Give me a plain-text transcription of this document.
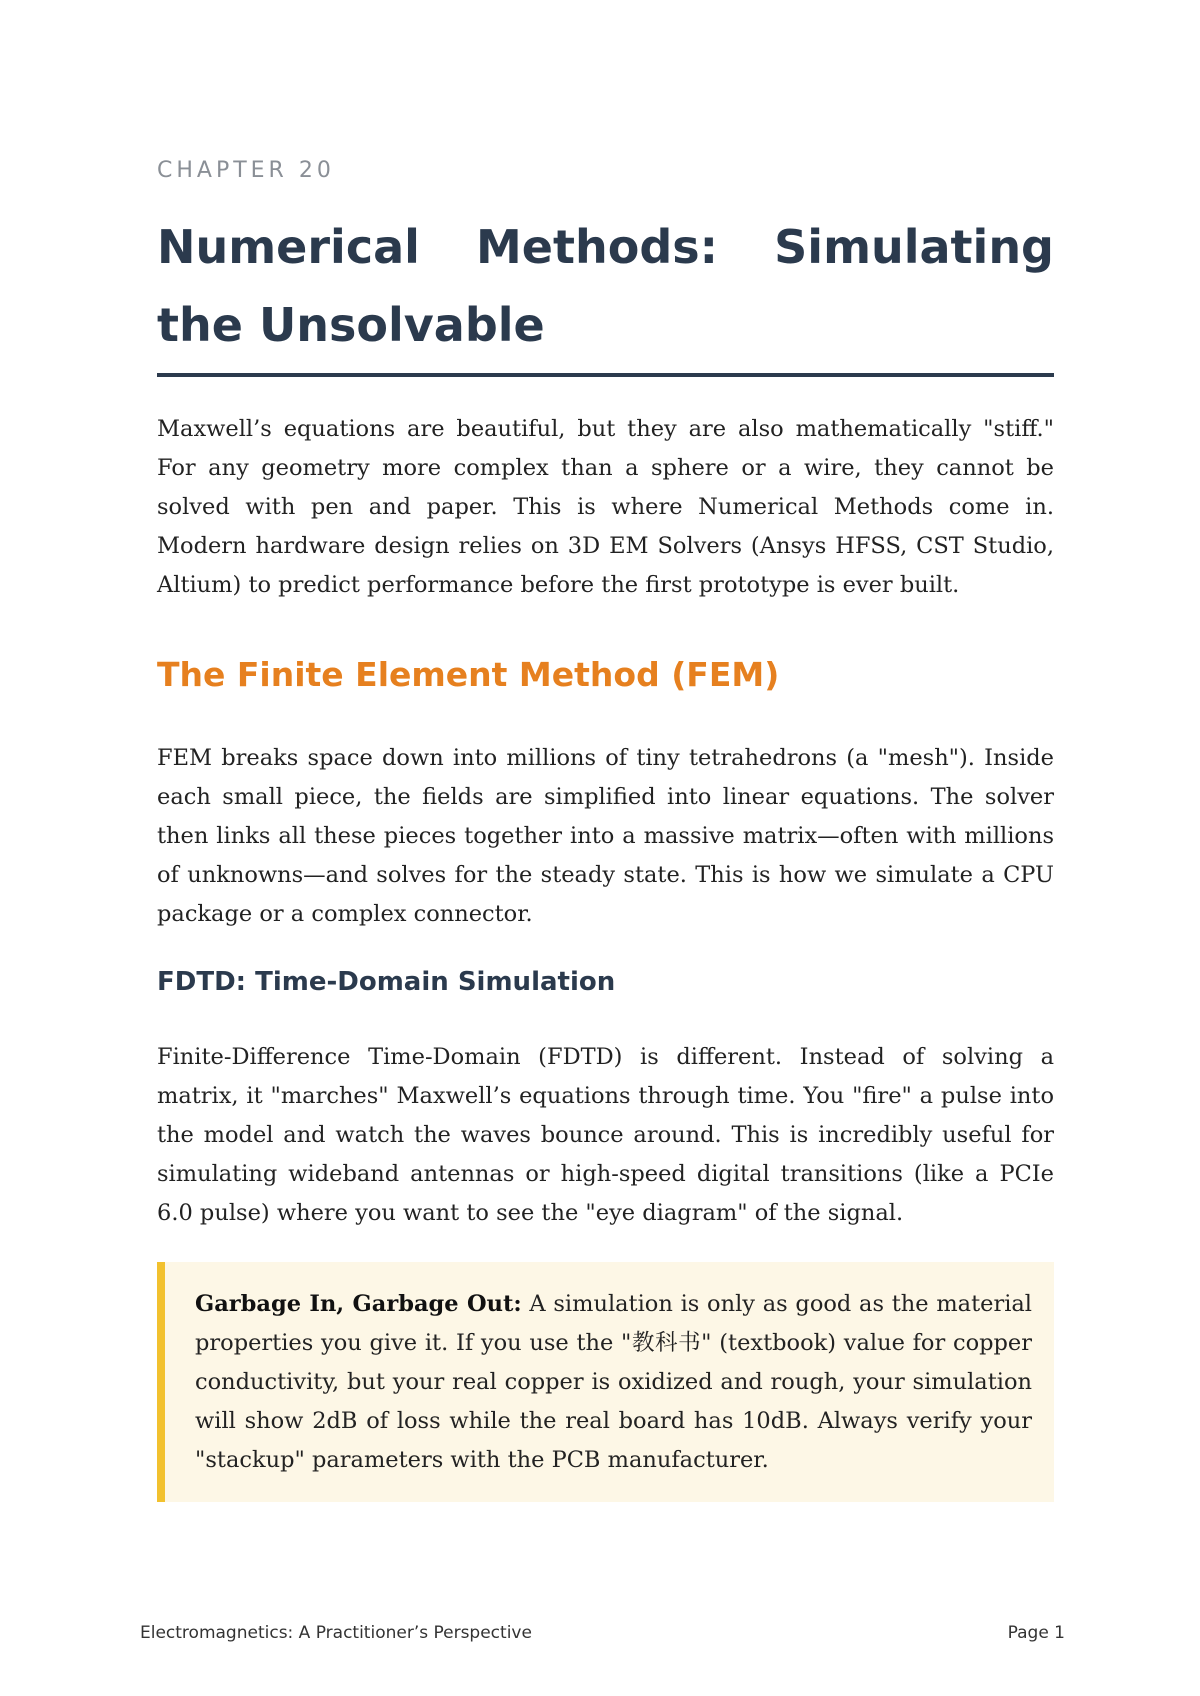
CHAPTER 20
Numerical Methods: Simulating the Unsolvable

Maxwell’s equations are beautiful, but they are also mathematically "stiff." For any geometry more complex than a sphere or a wire, they cannot be solved with pen and paper. This is where Numerical Methods come in. Modern hardware design relies on 3D EM Solvers (Ansys HFSS, CST Studio, Altium) to predict performance before the first prototype is ever built.

The Finite Element Method (FEM)

FEM breaks space down into millions of tiny tetrahedrons (a "mesh"). Inside each small piece, the fields are simplified into linear equations. The solver then links all these pieces together into a massive matrix—often with millions of unknowns—and solves for the steady state. This is how we simulate a CPU package or a complex connector.

FDTD: Time-Domain Simulation

Finite-Difference Time-Domain (FDTD) is different. Instead of solving a matrix, it "marches" Maxwell’s equations through time. You "fire" a pulse into the model and watch the waves bounce around. This is incredibly useful for simulating wideband antennas or high-speed digital transitions (like a PCIe 6.0 pulse) where you want to see the "eye diagram" of the signal.

Garbage In, Garbage Out: A simulation is only as good as the material properties you give it. If you use the "教科书" (textbook) value for copper conductivity, but your real copper is oxidized and rough, your simulation will show 2dB of loss while the real board has 10dB. Always verify your "stackup" parameters with the PCB manufacturer.

Electromagnetics: A Practitioner’s Perspective	Page 1
